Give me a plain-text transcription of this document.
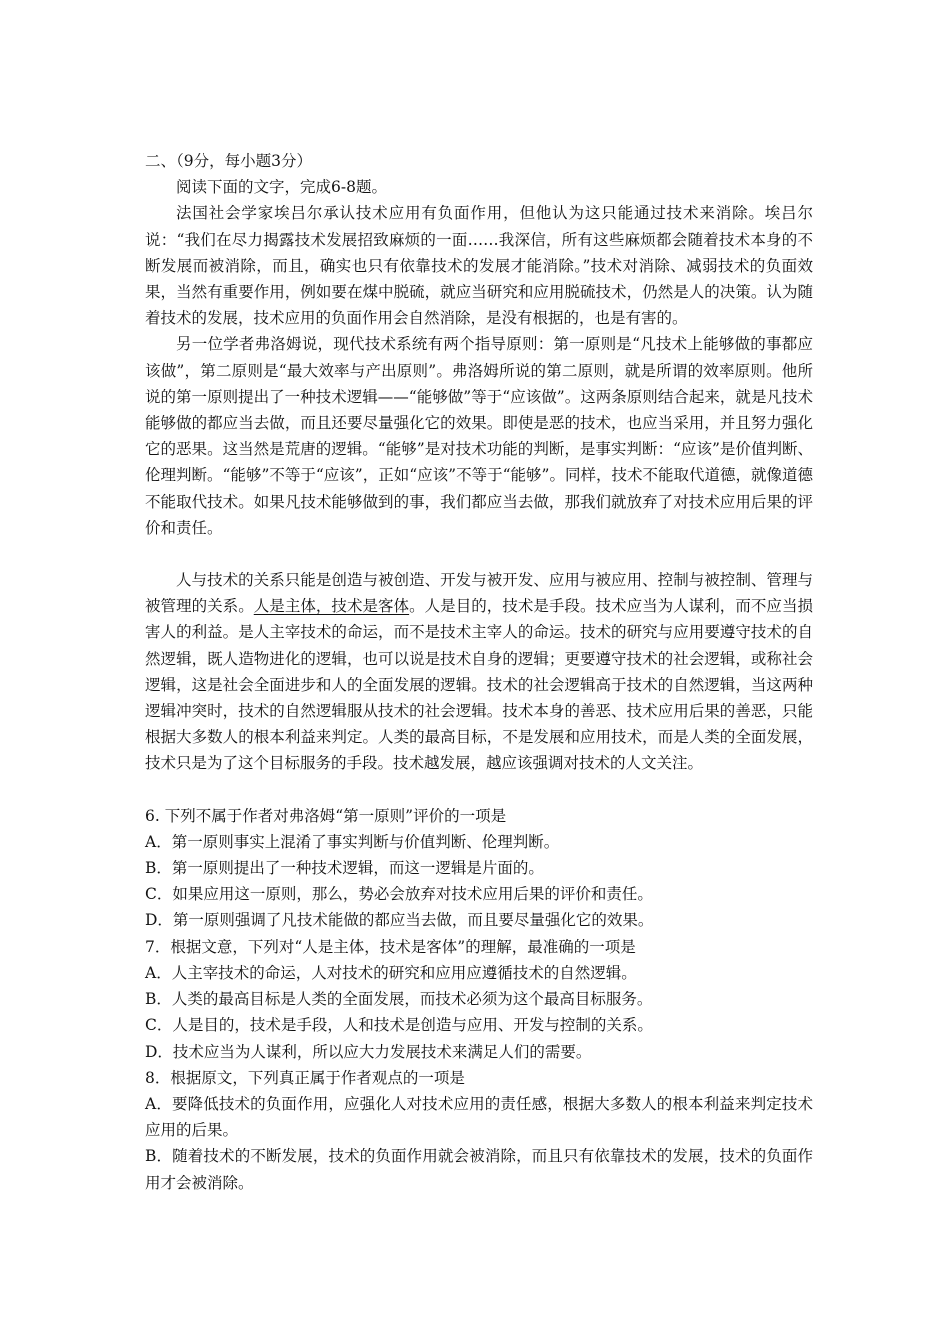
二、（9分，每小题3分）

阅读下面的文字，完成6-8题。

法国社会学家埃吕尔承认技术应用有负面作用，但他认为这只能通过技术来消除。埃吕尔说：“我们在尽力揭露技术发展招致麻烦的一面……我深信，所有这些麻烦都会随着技术本身的不断发展而被消除，而且，确实也只有依靠技术的发展才能消除。”技术对消除、减弱技术的负面效果，当然有重要作用，例如要在煤中脱硫，就应当研究和应用脱硫技术，仍然是人的决策。认为随着技术的发展，技术应用的负面作用会自然消除，是没有根据的，也是有害的。

另一位学者弗洛姆说，现代技术系统有两个指导原则：第一原则是“凡技术上能够做的事都应该做”，第二原则是“最大效率与产出原则”。弗洛姆所说的第二原则，就是所谓的效率原则。他所说的第一原则提出了一种技术逻辑——“能够做”等于“应该做”。这两条原则结合起来，就是凡技术能够做的都应当去做，而且还要尽量强化它的效果。即使是恶的技术，也应当采用，并且努力强化它的恶果。这当然是荒唐的逻辑。“能够”是对技术功能的判断，是事实判断：“应该”是价值判断、伦理判断。“能够”不等于“应该”，正如“应该”不等于“能够”。同样，技术不能取代道德，就像道德不能取代技术。如果凡技术能够做到的事，我们都应当去做，那我们就放弃了对技术应用后果的评价和责任。

人与技术的关系只能是创造与被创造、开发与被开发、应用与被应用、控制与被控制、管理与被管理的关系。人是主体，技术是客体。人是目的，技术是手段。技术应当为人谋利，而不应当损害人的利益。是人主宰技术的命运，而不是技术主宰人的命运。技术的研究与应用要遵守技术的自然逻辑，既人造物进化的逻辑，也可以说是技术自身的逻辑；更要遵守技术的社会逻辑，或称社会逻辑，这是社会全面进步和人的全面发展的逻辑。技术的社会逻辑高于技术的自然逻辑，当这两种逻辑冲突时，技术的自然逻辑服从技术的社会逻辑。技术本身的善恶、技术应用后果的善恶，只能根据大多数人的根本利益来判定。人类的最高目标，不是发展和应用技术，而是人类的全面发展，技术只是为了这个目标服务的手段。技术越发展，越应该强调对技术的人文关注。

6. 下列不属于作者对弗洛姆“第一原则”评价的一项是

A．第一原则事实上混淆了事实判断与价值判断、伦理判断。

B．第一原则提出了一种技术逻辑，而这一逻辑是片面的。

C．如果应用这一原则，那么，势必会放弃对技术应用后果的评价和责任。

D．第一原则强调了凡技术能做的都应当去做，而且要尽量强化它的效果。

7．根据文意，下列对“人是主体，技术是客体”的理解，最准确的一项是

A．人主宰技术的命运，人对技术的研究和应用应遵循技术的自然逻辑。

B．人类的最高目标是人类的全面发展，而技术必须为这个最高目标服务。

C．人是目的，技术是手段，人和技术是创造与应用、开发与控制的关系。

D．技术应当为人谋利，所以应大力发展技术来满足人们的需要。

8．根据原文，下列真正属于作者观点的一项是

A．要降低技术的负面作用，应强化人对技术应用的责任感，根据大多数人的根本利益来判定技术应用的后果。

B．随着技术的不断发展，技术的负面作用就会被消除，而且只有依靠技术的发展，技术的负面作用才会被消除。
